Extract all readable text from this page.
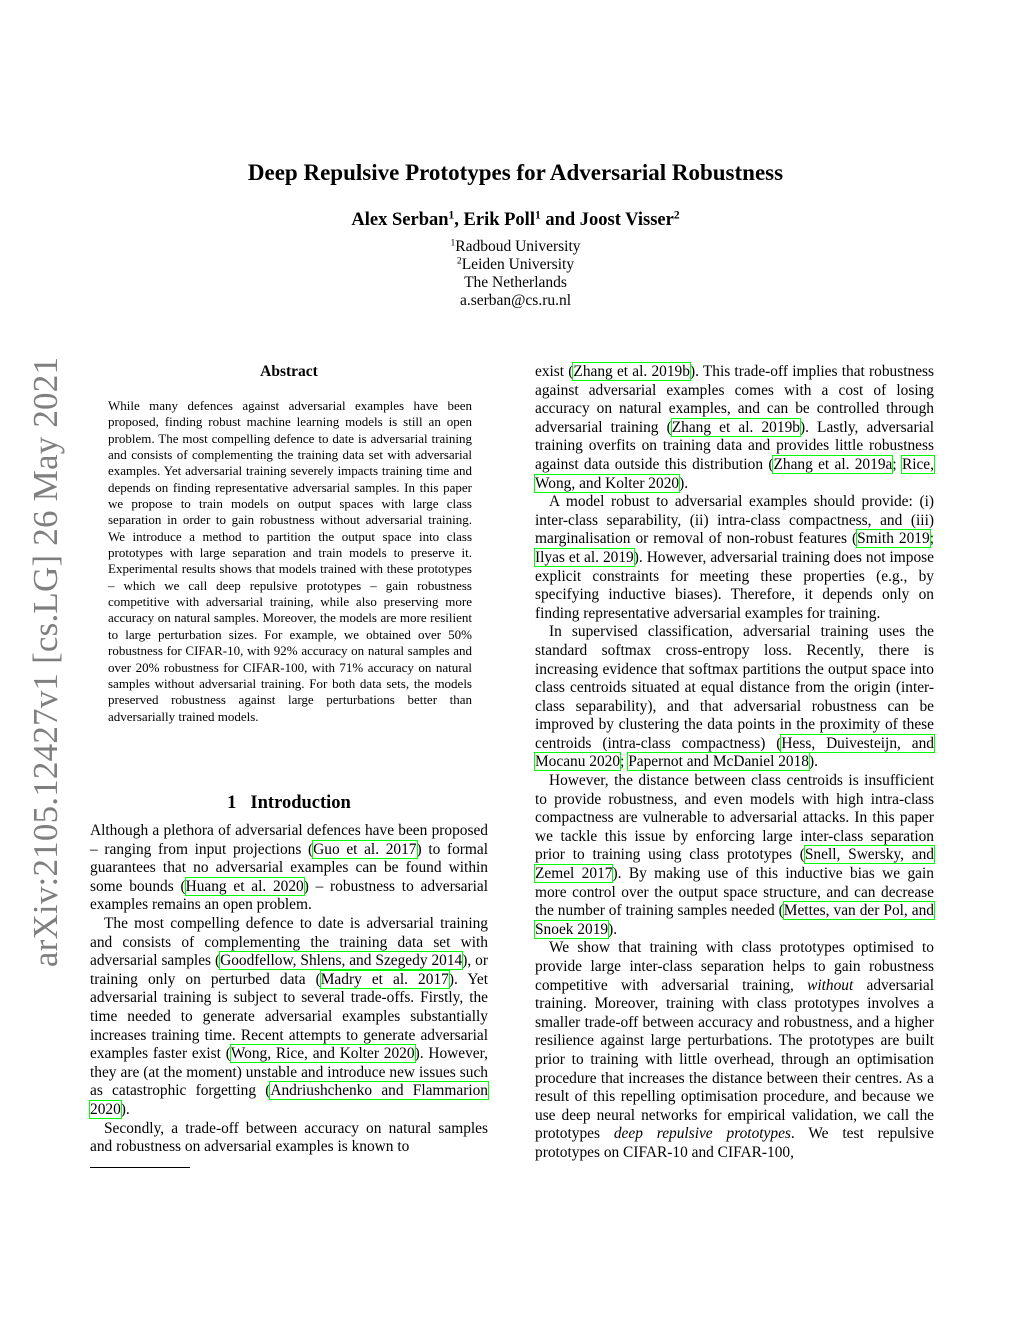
arXiv:2105.12427v1 [cs.LG] 26 May 2021
Deep Repulsive Prototypes for Adversarial Robustness
Alex Serban$^1$, Erik Poll$^1$ and Joost Visser$^2$
$^1$Radboud University
$^2$Leiden University
The Netherlands
a.serban@cs.ru.nl
Abstract
While many defences against adversarial examples have been proposed, finding robust machine learning models is still an open problem. The most compelling defence to date is adversarial training and consists of complementing the training data set with adversarial examples. Yet adversarial training severely impacts training time and depends on finding representative adversarial samples. In this paper we propose to train models on output spaces with large class separation in order to gain robustness without adversarial training. We introduce a method to partition the output space into class prototypes with large separation and train models to preserve it. Experimental results shows that models trained with these prototypes – which we call deep repulsive prototypes – gain robustness competitive with adversarial training, while also preserving more accuracy on natural samples. Moreover, the models are more resilient to large perturbation sizes. For example, we obtained over 50% robustness for CIFAR-10, with 92% accuracy on natural samples and over 20% robustness for CIFAR-100, with 71% accuracy on natural samples without adversarial training. For both data sets, the models preserved robustness against large perturbations better than adversarially trained models.
1 Introduction

Although a plethora of adversarial defences have been proposed – ranging from input projections (Guo et al. 2017) to formal guarantees that no adversarial examples can be found within some bounds (Huang et al. 2020) – robustness to adversarial examples remains an open problem.

The most compelling defence to date is adversarial training and consists of complementing the training data set with adversarial samples (Goodfellow, Shlens, and Szegedy 2014), or training only on perturbed data (Madry et al. 2017). Yet adversarial training is subject to several trade-offs. Firstly, the time needed to generate adversarial examples substantially increases training time. Recent attempts to generate adversarial examples faster exist (Wong, Rice, and Kolter 2020). However, they are (at the moment) unstable and introduce new issues such as catastrophic forgetting (Andriushchenko and Flammarion 2020).

Secondly, a trade-off between accuracy on natural samples and robustness on adversarial examples is known to

exist (Zhang et al. 2019b). This trade-off implies that robustness against adversarial examples comes with a cost of losing accuracy on natural examples, and can be controlled through adversarial training (Zhang et al. 2019b). Lastly, adversarial training overfits on training data and provides little robustness against data outside this distribution (Zhang et al. 2019a; Rice, Wong, and Kolter 2020).

A model robust to adversarial examples should provide: (i) inter-class separability, (ii) intra-class compactness, and (iii) marginalisation or removal of non-robust features (Smith 2019; Ilyas et al. 2019). However, adversarial training does not impose explicit constraints for meeting these properties (e.g., by specifying inductive biases). Therefore, it depends only on finding representative adversarial examples for training.

In supervised classification, adversarial training uses the standard softmax cross-entropy loss. Recently, there is increasing evidence that softmax partitions the output space into class centroids situated at equal distance from the origin (inter-class separability), and that adversarial robustness can be improved by clustering the data points in the proximity of these centroids (intra-class compactness) (Hess, Duivesteijn, and Mocanu 2020; Papernot and McDaniel 2018).

However, the distance between class centroids is insufficient to provide robustness, and even models with high intra-class compactness are vulnerable to adversarial attacks. In this paper we tackle this issue by enforcing large inter-class separation prior to training using class prototypes (Snell, Swersky, and Zemel 2017). By making use of this inductive bias we gain more control over the output space structure, and can decrease the number of training samples needed (Mettes, van der Pol, and Snoek 2019).

We show that training with class prototypes optimised to provide large inter-class separation helps to gain robustness competitive with adversarial training, without adversarial training. Moreover, training with class prototypes involves a smaller trade-off between accuracy and robustness, and a higher resilience against large perturbations. The prototypes are built prior to training with little overhead, through an optimisation procedure that increases the distance between their centres. As a result of this repelling optimisation procedure, and because we use deep neural networks for empirical validation, we call the prototypes deep repulsive prototypes. We test repulsive prototypes on CIFAR-10 and CIFAR-100,
